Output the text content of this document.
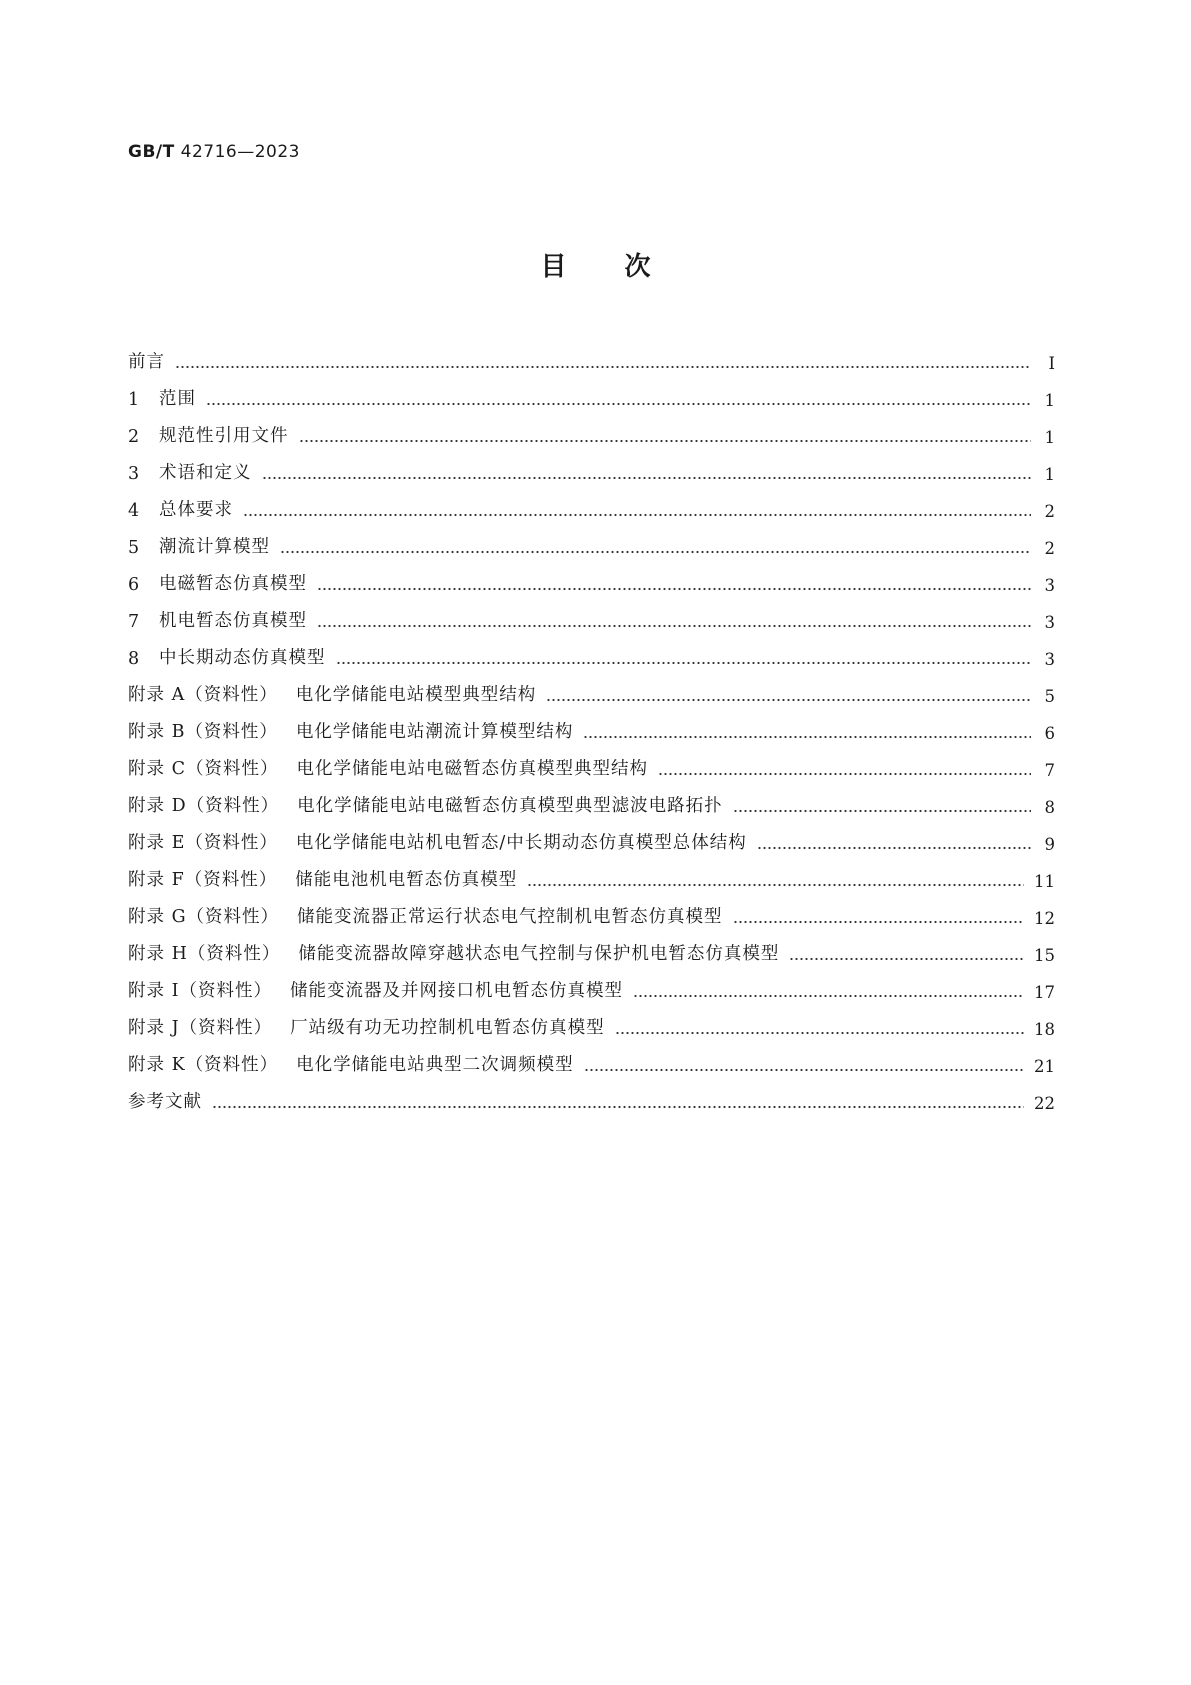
GB/T 42716—2023
目次
前言	Ⅰ
1	范围	1
2	规范性引用文件	1
3	术语和定义	1
4	总体要求	2
5	潮流计算模型	2
6	电磁暂态仿真模型	3
7	机电暂态仿真模型	3
8	中长期动态仿真模型	3
附录 A（资料性） 电化学储能电站模型典型结构	5
附录 B（资料性） 电化学储能电站潮流计算模型结构	6
附录 C（资料性） 电化学储能电站电磁暂态仿真模型典型结构	7
附录 D（资料性） 电化学储能电站电磁暂态仿真模型典型滤波电路拓扑	8
附录 E（资料性） 电化学储能电站机电暂态/中长期动态仿真模型总体结构	9
附录 F（资料性） 储能电池机电暂态仿真模型	11
附录 G（资料性） 储能变流器正常运行状态电气控制机电暂态仿真模型	12
附录 H（资料性） 储能变流器故障穿越状态电气控制与保护机电暂态仿真模型	15
附录 I（资料性） 储能变流器及并网接口机电暂态仿真模型	17
附录 J（资料性） 厂站级有功无功控制机电暂态仿真模型	18
附录 K（资料性） 电化学储能电站典型二次调频模型	21
参考文献	22
